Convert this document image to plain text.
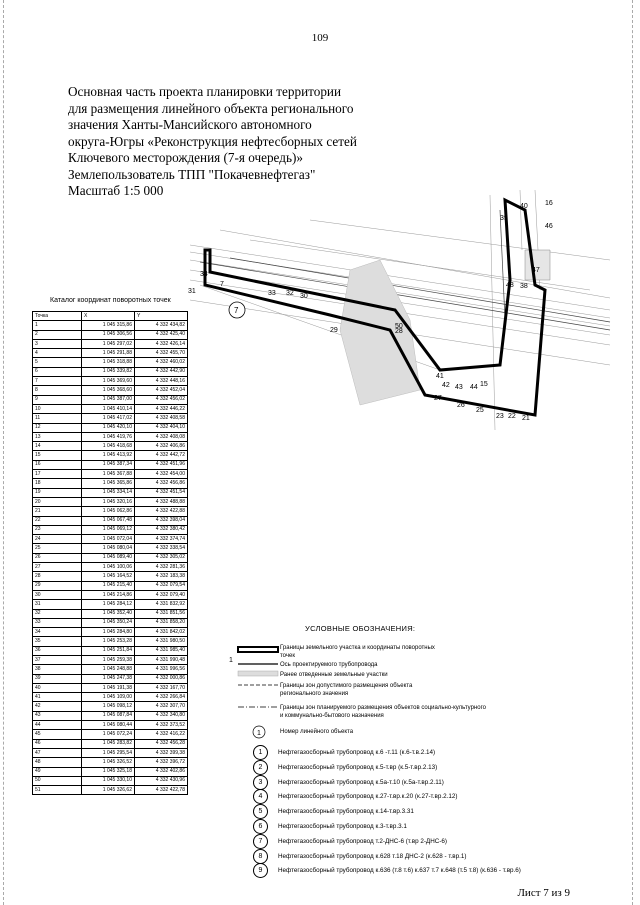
109
Основная часть проекта планировки территории
для размещения линейного объекта регионального
значения Ханты-Мансийского автономного
округа-Югры «Реконструкция нефтесборных сетей
Ключевого месторождения (7-я очередь)»
Землепользователь ТПП "Покачевнефтегаз"
Масштаб 1:5 000
31
34
33 32 30
29	28
27
26
25
23 22 21
41
42 43 44 15
16
46
47
48 38
40
50
39
7
7
Каталог координат поворотных точек
Точка	X	Y
1	1 045 315,86	4 332 434,82
2	1 045 306,56	4 332 425,40
3	1 045 297,02	4 332 426,14
4	1 045 291,88	4 332 455,70
5	1 045 318,88	4 332 460,02
6	1 045 339,82	4 332 442,90
7	1 045 369,60	4 332 448,16
8	1 045 368,60	4 332 452,04
9	1 045 387,00	4 332 456,02
10	1 045 410,14	4 332 446,22
11	1 045 417,02	4 332 408,58
12	1 045 420,10	4 332 404,10
13	1 045 419,76	4 332 408,08
14	1 045 418,68	4 332 406,86
15	1 045 413,92	4 332 442,72
16	1 045 387,34	4 332 451,96
17	1 045 367,88	4 332 454,00
18	1 045 365,86	4 332 456,86
19	1 045 334,14	4 332 451,54
20	1 045 320,16	4 332 488,88
21	1 045 062,86	4 332 422,88
22	1 045 067,48	4 332 398,04
23	1 045 069,12	4 332 380,42
24	1 045 072,04	4 332 374,74
25	1 045 080,04	4 332 338,54
26	1 045 089,40	4 332 305,02
27	1 045 100,06	4 332 281,36
28	1 045 164,52	4 332 183,38
29	1 045 215,40	4 332 079,54
30	1 045 214,86	4 332 079,40
31	1 045 284,12	4 331 832,92
32	1 045 352,40	4 331 851,56
33	1 045 350,24	4 331 858,20
34	1 045 284,80	4 331 842,02
35	1 045 253,28	4 331 980,50
36	1 045 251,84	4 331 985,40
37	1 045 259,38	4 331 990,48
38	1 045 248,88	4 331 996,56
39	1 045 247,38	4 332 000,86
40	1 045 191,38	4 332 167,70
41	1 045 109,00	4 332 266,84
42	1 045 098,12	4 332 307,70
43	1 045 087,84	4 332 340,80
44	1 045 080,44	4 332 373,52
45	1 045 072,24	4 332 416,22
46	1 045 283,82	4 332 456,28
47	1 045 295,54	4 332 399,38
48	1 045 326,52	4 332 396,72
49	1 045 325,18	4 332 402,86
50	1 045 330,10	4 332 430,96
51	1 045 326,62	4 332 422,78
УСЛОВНЫЕ ОБОЗНАЧЕНИЯ:
1
1
Границы земельного участка и координаты поворотных точек
Ось проектируемого трубопровода
Ранее отведенные земельные участки
Границы зон допустимого размещения объекта регионального значения
Границы зон планируемого размещения объектов социально-культурного и коммунально-бытового назначения
Номер линейного объекта
1 Нефтегазосборный трубопровод к.6 -т.11 (к.6-т.в.2.14)
2 Нефтегазосборный трубопровод к.5-т.вр (к.5-т.вр.2.13)
3 Нефтегазосборный трубопровод к.5а-т.10 (к.5а-т.вр.2.11)
4 Нефтегазосборный трубопровод к.27-т.вр.к.20 (к.27-т.вр.2.12)
5 Нефтегазосборный трубопровод к.14-т.вр.3.31
6 Нефтегазосборный трубопровод к.3-т.вр.3.1
7 Нефтегазосборный трубопровод т.2-ДНС-6 (т.вр 2-ДНС-6)
8 Нефтегазосборный трубопровод к.628 т.18 ДНС-2 (к.628 - т.вр.1)
9 Нефтегазосборный трубопровод к.636 (т.8 т.6) к.637 т.7 к.648 (т.5 т.8) (к.636 - т.вр.6)
Лист 7 из 9
